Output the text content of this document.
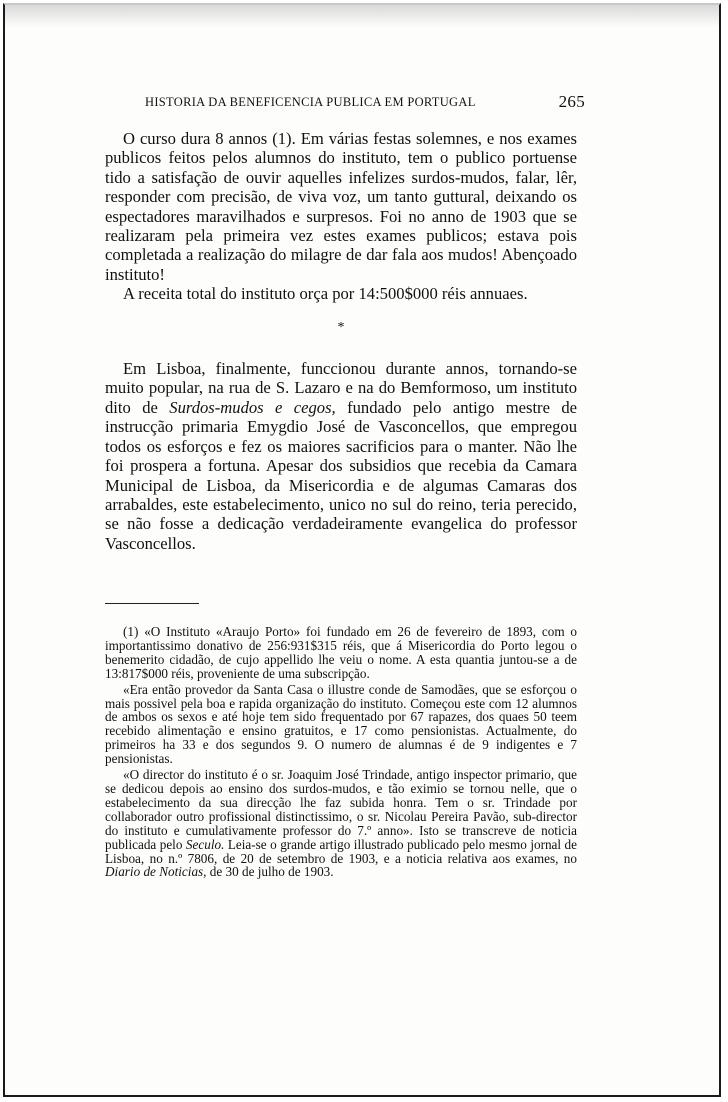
HISTORIA DA BENEFICENCIA PUBLICA EM PORTUGAL	265

O curso dura 8 annos (1). Em várias festas solemnes, e nos exames publicos feitos pelos alumnos do instituto, tem o publico portuense tido a satisfação de ouvir aquelles infelizes surdos-mudos, falar, lêr, responder com precisão, de viva voz, um tanto guttural, deixando os espectadores maravilhados e surpresos. Foi no anno de 1903 que se realizaram pela primeira vez estes exames publicos; estava pois completada a realização do milagre de dar fala aos mudos! Abençoado instituto!

A receita total do instituto orça por 14:500$000 réis annuaes.

*

Em Lisboa, finalmente, funccionou durante annos, tornando-se muito popular, na rua de S. Lazaro e na do Bemformoso, um instituto dito de Surdos-mudos e cegos, fundado pelo antigo mestre de instrucção primaria Emygdio José de Vasconcellos, que empregou todos os esforços e fez os maiores sacrificios para o manter. Não lhe foi prospera a fortuna. Apesar dos subsidios que recebia da Camara Municipal de Lisboa, da Misericordia e de algumas Camaras dos arrabaldes, este estabelecimento, unico no sul do reino, teria perecido, se não fosse a dedicação verdadeiramente evangelica do professor Vasconcellos.

(1) «O Instituto «Araujo Porto» foi fundado em 26 de fevereiro de 1893, com o importantissimo donativo de 256:931$315 réis, que á Misericordia do Porto legou o benemerito cidadão, de cujo appellido lhe veiu o nome. A esta quantia juntou-se a de 13:817$000 réis, proveniente de uma subscripção.

«Era então provedor da Santa Casa o illustre conde de Samodães, que se esforçou o mais possivel pela boa e rapida organização do instituto. Começou este com 12 alumnos de ambos os sexos e até hoje tem sido frequentado por 67 rapazes, dos quaes 50 teem recebido alimentação e ensino gratuitos, e 17 como pensionistas. Actualmente, do primeiros ha 33 e dos segundos 9. O numero de alumnas é de 9 indigentes e 7 pensionistas.

«O director do instituto é o sr. Joaquim José Trindade, antigo inspector primario, que se dedicou depois ao ensino dos surdos-mudos, e tão eximio se tornou nelle, que o estabelecimento da sua direcção lhe faz subida honra. Tem o sr. Trindade por collaborador outro profissional distinctissimo, o sr. Nicolau Pereira Pavão, sub-director do instituto e cumulativamente professor do 7.º anno». Isto se transcreve de noticia publicada pelo Seculo. Leia-se o grande artigo illustrado publicado pelo mesmo jornal de Lisboa, no n.º 7806, de 20 de setembro de 1903, e a noticia relativa aos exames, no Diario de Noticias, de 30 de julho de 1903.
